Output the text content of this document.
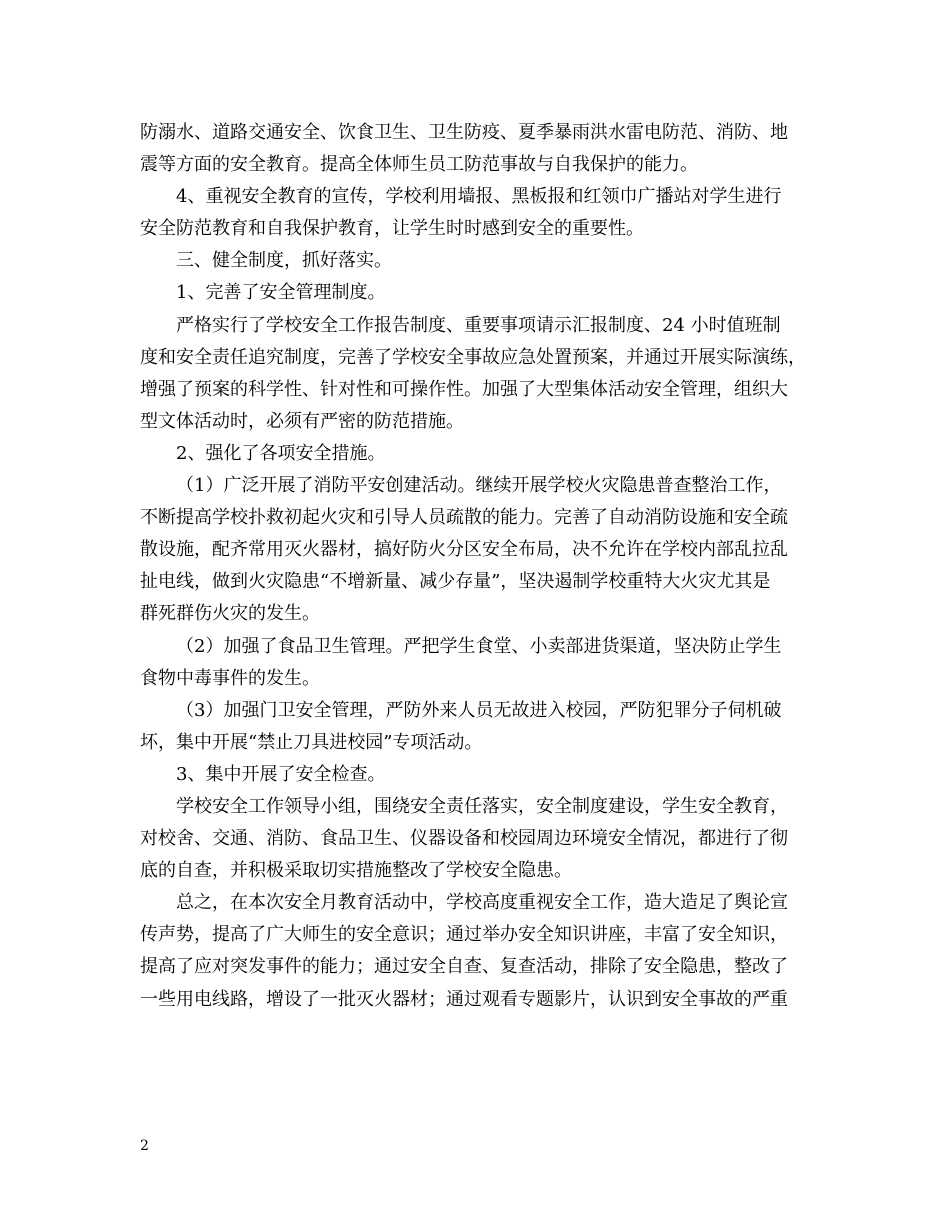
防溺水、道路交通安全、饮食卫生、卫生防疫、夏季暴雨洪水雷电防范、消防、地
震等方面的安全教育。提高全体师生员工防范事故与自我保护的能力。
4、重视安全教育的宣传，学校利用墙报、黑板报和红领巾广播站对学生进行
安全防范教育和自我保护教育，让学生时时感到安全的重要性。
三、健全制度，抓好落实。
1、完善了安全管理制度。
严格实行了学校安全工作报告制度、重要事项请示汇报制度、24 小时值班制
度和安全责任追究制度，完善了学校安全事故应急处置预案，并通过开展实际演练，
增强了预案的科学性、针对性和可操作性。加强了大型集体活动安全管理，组织大
型文体活动时，必须有严密的防范措施。
2、强化了各项安全措施。
（1）广泛开展了消防平安创建活动。继续开展学校火灾隐患普查整治工作，
不断提高学校扑救初起火灾和引导人员疏散的能力。完善了自动消防设施和安全疏
散设施，配齐常用灭火器材，搞好防火分区安全布局，决不允许在学校内部乱拉乱
扯电线，做到火灾隐患“不增新量、减少存量”，坚决遏制学校重特大火灾尤其是
群死群伤火灾的发生。
（2）加强了食品卫生管理。严把学生食堂、小卖部进货渠道，坚决防止学生
食物中毒事件的发生。
（3）加强门卫安全管理，严防外来人员无故进入校园，严防犯罪分子伺机破
坏，集中开展“禁止刀具进校园”专项活动。
3、集中开展了安全检查。
学校安全工作领导小组，围绕安全责任落实，安全制度建设，学生安全教育，
对校舍、交通、消防、食品卫生、仪器设备和校园周边环境安全情况，都进行了彻
底的自查，并积极采取切实措施整改了学校安全隐患。
总之，在本次安全月教育活动中，学校高度重视安全工作，造大造足了舆论宣
传声势，提高了广大师生的安全意识；通过举办安全知识讲座，丰富了安全知识，
提高了应对突发事件的能力；通过安全自查、复查活动，排除了安全隐患，整改了
一些用电线路，增设了一批灭火器材；通过观看专题影片，认识到安全事故的严重
2
